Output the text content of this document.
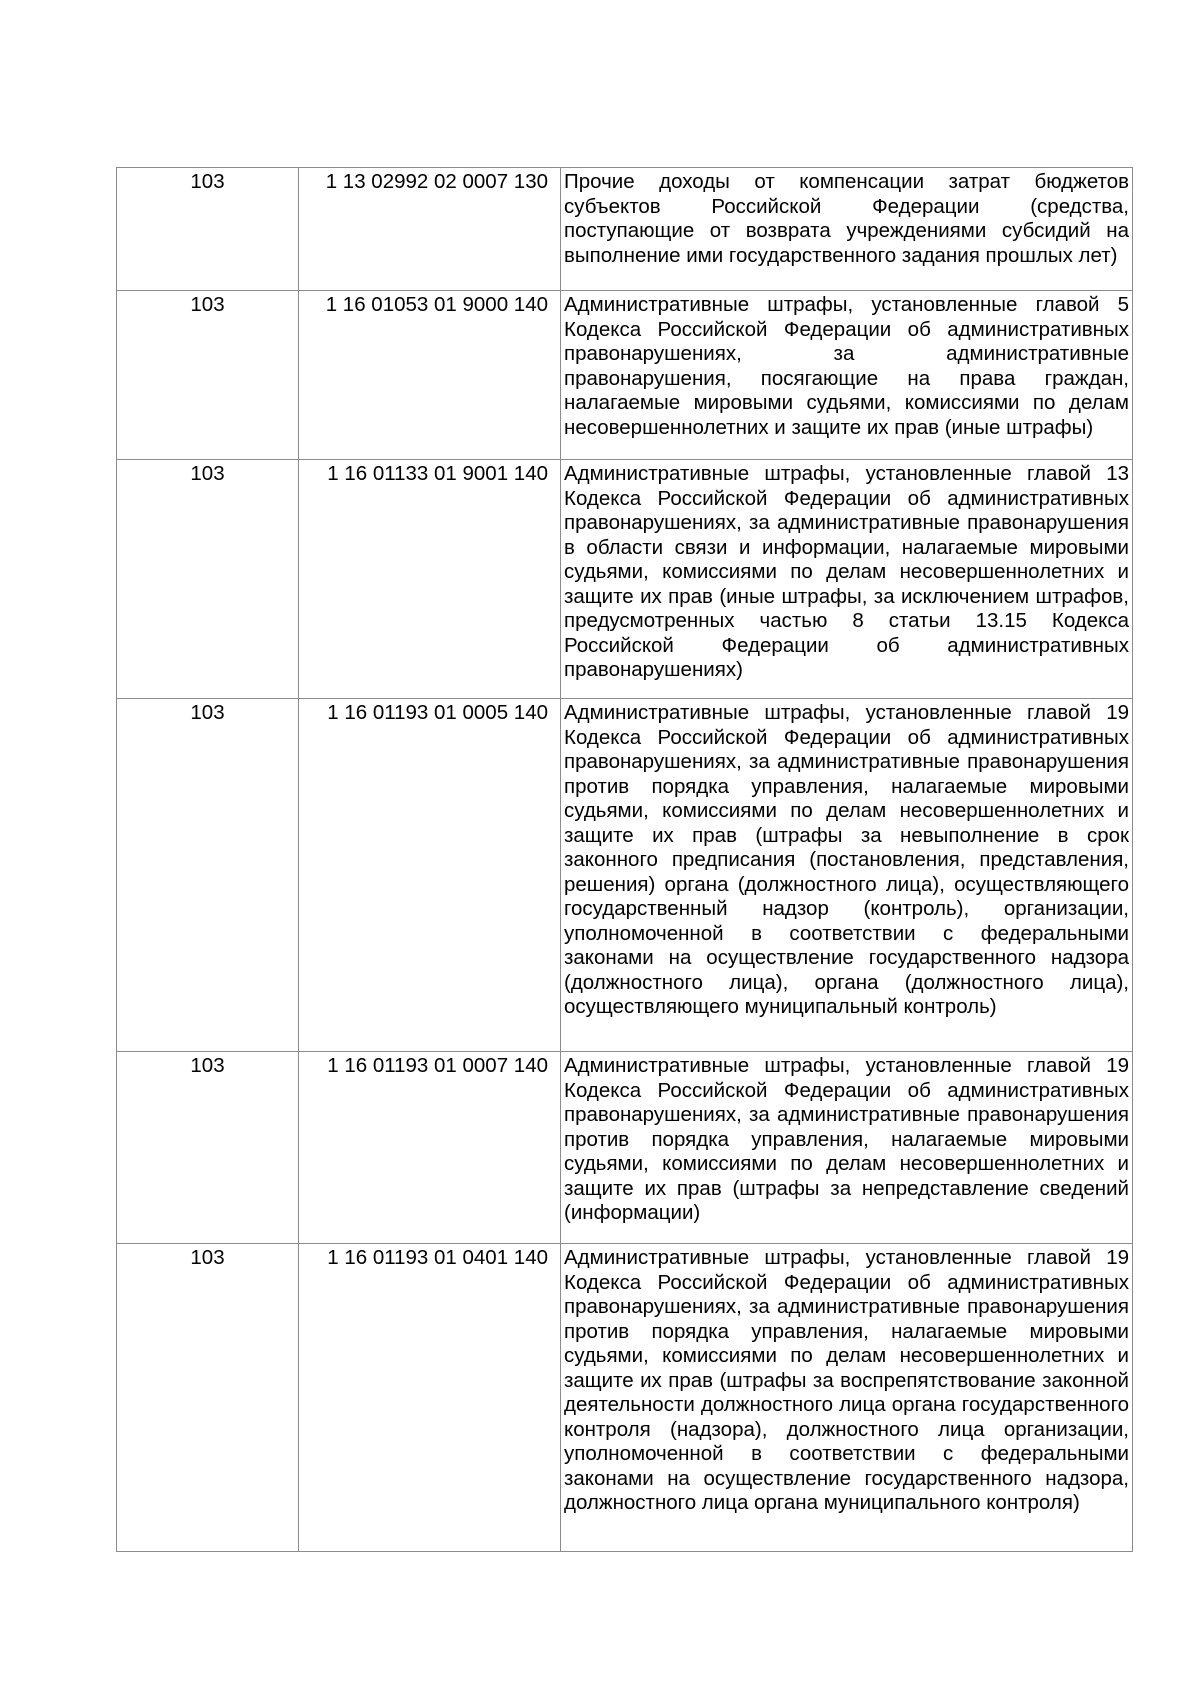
103	1 13 02992 02 0007 130	Прочие доходы от компенсации затрат бюджетов субъектов Российской Федерации (средства, поступающие от возврата учреждениями субсидий на выполнение ими государственного задания прошлых лет)

103	1 16 01053 01 9000 140	Административные штрафы, установленные главой 5 Кодекса Российской Федерации об административных правонарушениях, за административные правонарушения, посягающие на права граждан, налагаемые мировыми судьями, комиссиями по делам несовершеннолетних и защите их прав (иные штрафы)

103	1 16 01133 01 9001 140	Административные штрафы, установленные главой 13 Кодекса Российской Федерации об административных правонарушениях, за административные правонарушения в области связи и информации, налагаемые мировыми судьями, комиссиями по делам несовершеннолетних и защите их прав (иные штрафы, за исключением штрафов, предусмотренных частью 8 статьи 13.15 Кодекса Российской Федерации об административных правонарушениях)

103	1 16 01193 01 0005 140	Административные штрафы, установленные главой 19 Кодекса Российской Федерации об административных правонарушениях, за административные правонарушения против порядка управления, налагаемые мировыми судьями, комиссиями по делам несовершеннолетних и защите их прав (штрафы за невыполнение в срок законного предписания (постановления, представления, решения) органа (должностного лица), осуществляющего государственный надзор (контроль), организации, уполномоченной в соответствии с федеральными законами на осуществление государственного надзора (должностного лица), органа (должностного лица), осуществляющего муниципальный контроль)

103	1 16 01193 01 0007 140	Административные штрафы, установленные главой 19 Кодекса Российской Федерации об административных правонарушениях, за административные правонарушения против порядка управления, налагаемые мировыми судьями, комиссиями по делам несовершеннолетних и защите их прав (штрафы за непредставление сведений (информации)

103	1 16 01193 01 0401 140	Административные штрафы, установленные главой 19 Кодекса Российской Федерации об административных правонарушениях, за административные правонарушения против порядка управления, налагаемые мировыми судьями, комиссиями по делам несовершеннолетних и защите их прав (штрафы за воспрепятствование законной деятельности должностного лица органа государственного контроля (надзора), должностного лица организации, уполномоченной в соответствии с федеральными законами на осуществление государственного надзора, должностного лица органа муниципального контроля)
